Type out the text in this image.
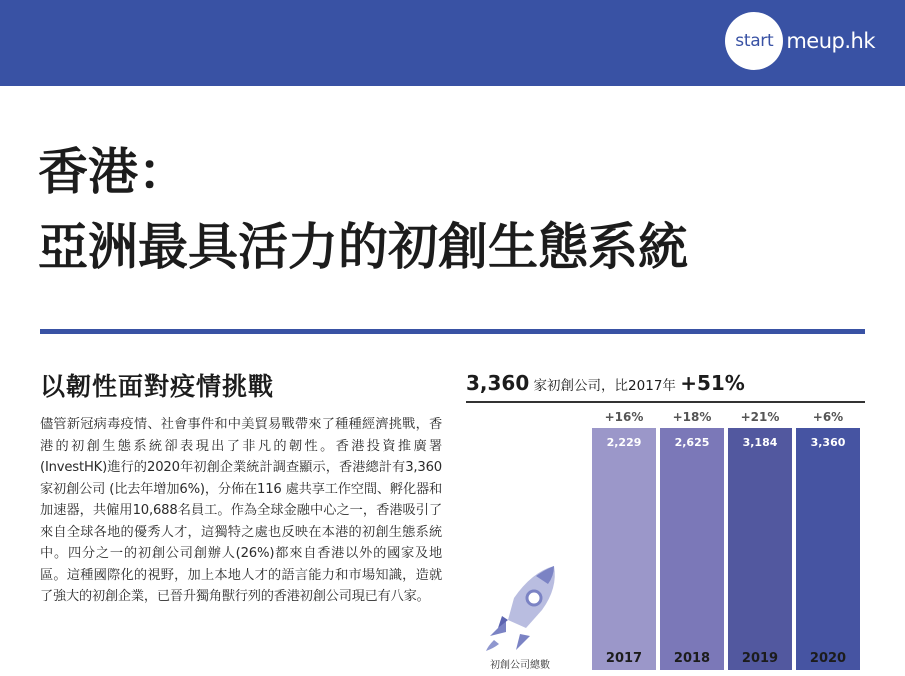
start meup.hk
香港：
亞洲最具活力的初創生態系統
以韌性面對疫情挑戰
儘管新冠病毒疫情、社會事件和中美貿易戰帶來了種種經濟挑戰，香港的初創生態系統卻表現出了非凡的韌性。香港投資推廣署 (InvestHK)進行的2020年初創企業統計調查顯示，香港總計有3,360家初創公司 (比去年增加6%)，分佈在116 處共享工作空間、孵化器和加速器，共僱用10,688名員工。作為全球金融中心之一，香港吸引了來自全球各地的優秀人才，這獨特之處也反映在本港的初創生態系統中。四分之一的初創公司創辦人(26%)都來自香港以外的國家及地區。這種國際化的視野，加上本地人才的語言能力和市場知識，造就了強大的初創企業，已晉升獨角獸行列的香港初創公司現已有八家。
3,360 家初創公司，比2017年 +51%
2,229
+16%
2017
2,625
+18%
2018
3,184
+21%
2019
3,360
+6%
2020
初創公司總數
